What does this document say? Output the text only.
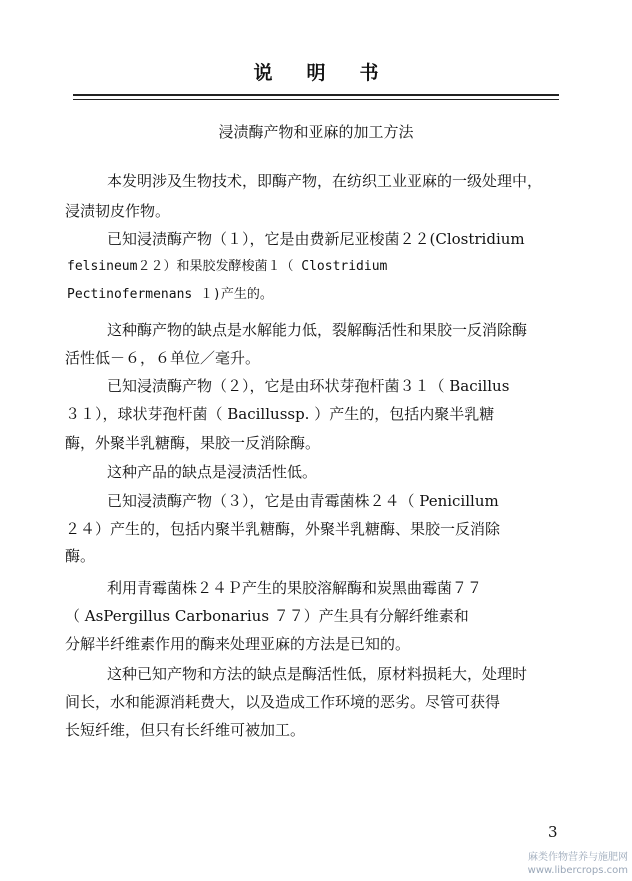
说明书
浸渍酶产物和亚麻的加工方法
本发明涉及生物技术，即酶产物，在纺织工业亚麻的一级处理中，
浸渍韧皮作物。
已知浸渍酶产物（１），它是由费新尼亚梭菌２２(Clostridium
felsineum２２）和果胶发酵梭菌１（ Clostridium
Pectinofermenans １)产生的。
这种酶产物的缺点是水解能力低，裂解酶活性和果胶一反消除酶
活性低－６，６单位／毫升。
已知浸渍酶产物（２），它是由环状芽孢杆菌３１（ Bacillus
３１），球状芽孢杆菌（ Bacillussp. ）产生的，包括内聚半乳糖
酶，外聚半乳糖酶，果胶一反消除酶。
这种产品的缺点是浸渍活性低。
已知浸渍酶产物（３），它是由青霉菌株２４（ Penicillum
２４）产生的，包括内聚半乳糖酶，外聚半乳糖酶、果胶一反消除
酶。
利用青霉菌株２４Ｐ产生的果胶溶解酶和炭黑曲霉菌７７
（ AsPergillus Carbonarius ７７）产生具有分解纤维素和
分解半纤维素作用的酶来处理亚麻的方法是已知的。
这种已知产物和方法的缺点是酶活性低，原材料损耗大，处理时
间长，水和能源消耗费大，以及造成工作环境的恶劣。尽管可获得
长短纤维，但只有长纤维可被加工。
3
麻类作物营养与施肥网
www.libercrops.com
